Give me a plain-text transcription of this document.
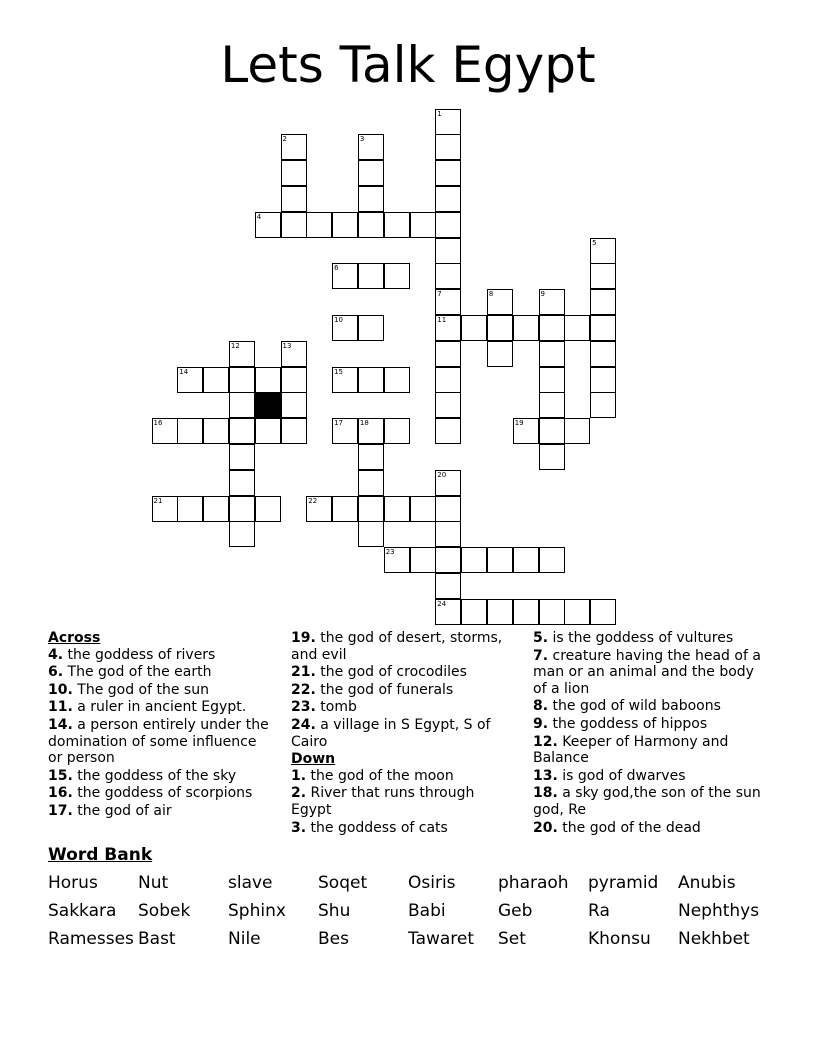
Lets Talk Egypt
1
2	3
4
5
6
7
11
8	9
10
12	13
14	15
16	17 18	19
20
24
21	22
23
Across
4. the goddess of rivers
6. The god of the earth
10. The god of the sun
11. a ruler in ancient Egypt.
14. a person entirely under the domination of some influence or person
15. the goddess of the sky
16. the goddess of scorpions
17. the god of air
19. the god of desert, storms, and evil
21. the god of crocodiles
22. the god of funerals
23. tomb
24. a village in S Egypt, S of Cairo
Down
1. the god of the moon
2. River that runs through Egypt
3. the goddess of cats
5. is the goddess of vultures
7. creature having the head of a man or an animal and the body of a lion
8. the god of wild baboons
9. the goddess of hippos
12. Keeper of Harmony and Balance
13. is god of dwarves
18. a sky god,the son of the sun god, Re
20. the god of the dead
Word Bank
Horus Nut	slave	Soqet Osiris pharaoh pyramid Anubis
Sakkara Sobek Sphinx Shu	Babi	Geb	Ra	Nephthys
Ramesses Bast	Nile	Bes	Tawaret Set	Khonsu Nekhbet
